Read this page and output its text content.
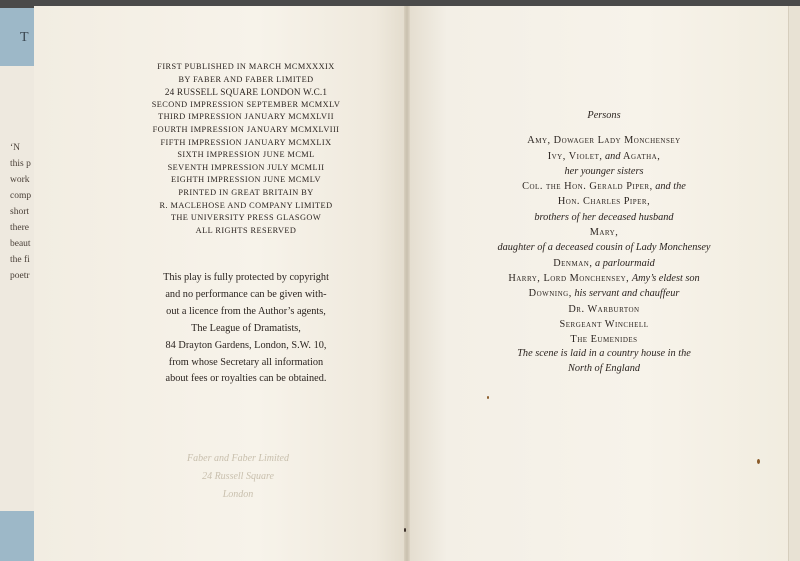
T
‘N
this p
work
comp
short
there
beaut
the fi
poetr
FIRST PUBLISHED IN MARCH MCMXXXIX
BY FABER AND FABER LIMITED
24 RUSSELL SQUARE LONDON W.C.1
SECOND IMPRESSION SEPTEMBER MCMXLV
THIRD IMPRESSION JANUARY MCMXLVII
FOURTH IMPRESSION JANUARY MCMXLVIII
FIFTH IMPRESSION JANUARY MCMXLIX
SIXTH IMPRESSION JUNE MCML
SEVENTH IMPRESSION JULY MCMLII
EIGHTH IMPRESSION JUNE MCMLV
PRINTED IN GREAT BRITAIN BY
R. MACLEHOSE AND COMPANY LIMITED
THE UNIVERSITY PRESS GLASGOW
ALL RIGHTS RESERVED
This play is fully protected by copyright
and no performance can be given with-
out a licence from the Author’s agents,
The League of Dramatists,
84 Drayton Gardens, London, S.W. 10,
from whose Secretary all information
about fees or royalties can be obtained.
Faber and Faber Limited
24 Russell Square
London
Persons
Amy, Dowager Lady Monchensey
Ivy, Violet, and Agatha,
her younger sisters
Col. the Hon. Gerald Piper, and the
Hon. Charles Piper,
brothers of her deceased husband
Mary,
daughter of a deceased cousin of Lady Monchensey
Denman, a parlourmaid
Harry, Lord Monchensey, Amy’s eldest son
Downing, his servant and chauffeur
Dr. Warburton
Sergeant Winchell
The Eumenides
The scene is laid in a country house in the
North of England
